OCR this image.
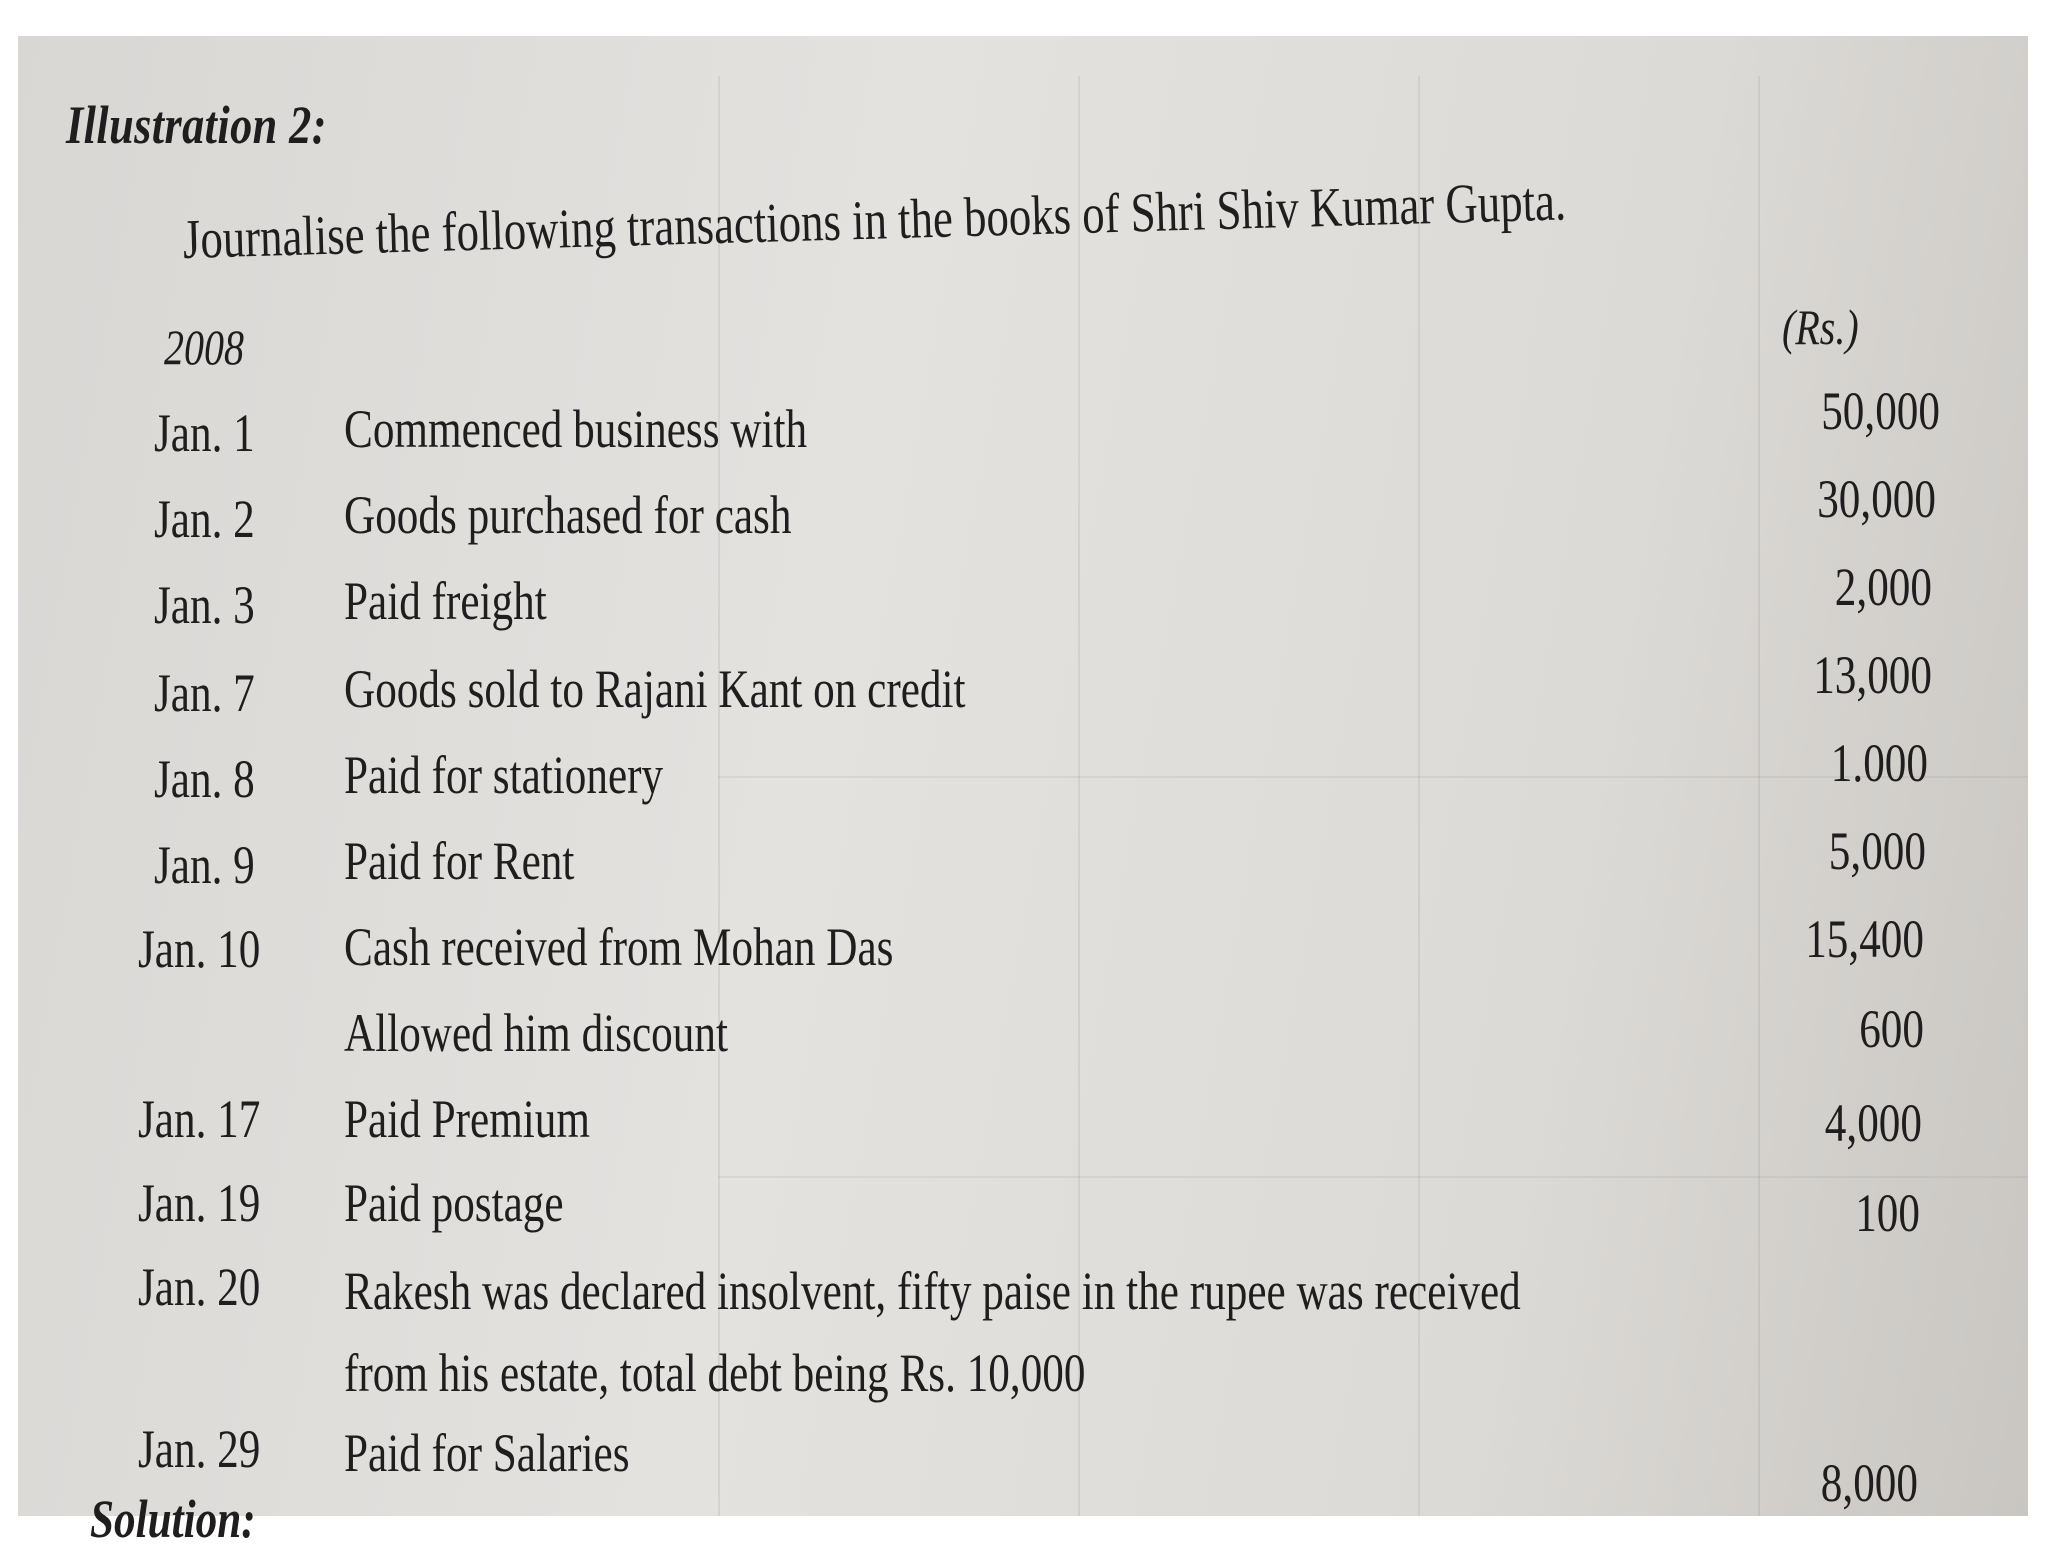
Illustration 2:
Journalise the following transactions in the books of Shri Shiv Kumar Gupta.
2008	(Rs.)
Jan. 1 Commenced business with	50,000
Jan. 2 Goods purchased for cash	30,000
Jan. 3 Paid freight	2,000
Jan. 7 Goods sold to Rajani Kant on credit	13,000
Jan. 8 Paid for stationery	1.000
Jan. 9 Paid for Rent	5,000
Jan. 10 Cash received from Mohan Das	15,400
Allowed him discount	600
Jan. 17 Paid Premium	4,000
Jan. 19 Paid postage	100
Jan. 20 Rakesh was declared insolvent, fifty paise in the rupee was received
from his estate, total debt being Rs. 10,000
Jan. 29 Paid for Salaries	8,000
Solution:
